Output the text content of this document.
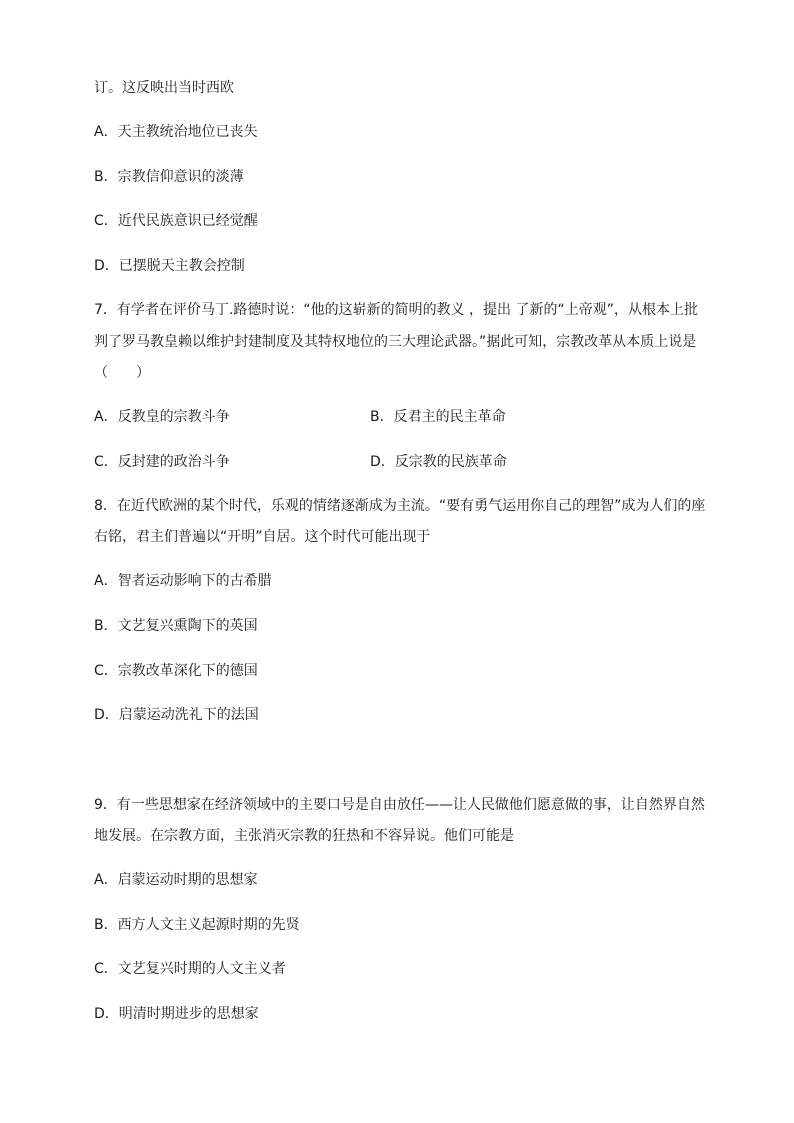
订。这反映出当时西欧
A．天主教统治地位已丧失
B．宗教信仰意识的淡薄
C．近代民族意识已经觉醒
D．已摆脱天主教会控制
7．有学者在评价马丁.路德时说：“他的这崭新的简明的教义 ，提出 了新的“上帝观”，从根本上批
判了罗马教皇赖以维护封建制度及其特权地位的三大理论武器。”据此可知，宗教改革从本质上说是
（　　）
A．反教皇的宗教斗争	B．反君主的民主革命
C．反封建的政治斗争	D．反宗教的民族革命
8．在近代欧洲的某个时代，乐观的情绪逐渐成为主流。“要有勇气运用你自己的理智”成为人们的座
右铭，君主们普遍以“开明”自居。这个时代可能出现于
A．智者运动影响下的古希腊
B．文艺复兴熏陶下的英国
C．宗教改革深化下的德国
D．启蒙运动洗礼下的法国
9．有一些思想家在经济领域中的主要口号是自由放任——让人民做他们愿意做的事，让自然界自然
地发展。在宗教方面，主张消灭宗教的狂热和不容异说。他们可能是
A．启蒙运动时期的思想家
B．西方人文主义起源时期的先贤
C．文艺复兴时期的人文主义者
D．明清时期进步的思想家
